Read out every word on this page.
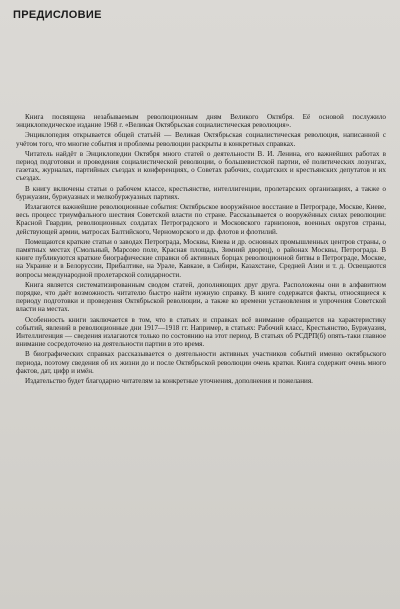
ПРЕДИСЛОВИЕ

Книга посвящена незабываемым революционным дням Великого Октября. Её основой послужило энциклопедическое издание 1968 г. «Великая Октябрьская социалистическая революция».

Энциклопедия открывается общей статьёй — Великая Октябрьская социалистическая революция, написанной с учётом того, что многие события и проблемы революции раскрыты в конкретных справках.

Читатель найдёт в Энциклопедии Октября много статей о деятельности В. И. Ленина, его важнейших работах в период подготовки и проведения социалистической революции, о большевистской партии, её политических лозунгах, газетах, журналах, партийных съездах и конференциях, о Советах рабочих, солдатских и крестьянских депутатов и их съездах.

В книгу включены статьи о рабочем классе, крестьянстве, интеллигенции, пролетарских организациях, а также о буржуазии, буржуазных и мелкобуржуазных партиях.

Излагаются важнейшие революционные события: Октябрьское вооружённое восстание в Петрограде, Москве, Киеве, весь процесс триумфального шествия Советской власти по стране. Рассказывается о вооружённых силах революции: Красной Гвардии, революционных солдатах Петроградского и Московского гарнизонов, военных округов страны, действующей армии, матросах Балтийского, Черноморского и др. флотов и флотилий.

Помещаются краткие статьи о заводах Петрограда, Москвы, Киева и др. основных промышленных центров страны, о памятных местах (Смольный, Марсово поле, Красная площадь, Зимний дворец), о районах Москвы, Петрограда. В книге публикуются краткие биографические справки об активных борцах революционной битвы в Петрограде, Москве, на Украине и в Белоруссии, Прибалтике, на Урале, Кавказе, в Сибири, Казахстане, Средней Азии и т. д. Освещаются вопросы международной пролетарской солидарности.

Книга является систематизированным сводом статей, дополняющих друг друга. Расположены они в алфавитном порядке, что даёт возможность читателю быстро найти нужную справку. В книге содержатся факты, относящиеся к периоду подготовки и проведения Октябрьской революции, а также ко времени установления и упрочения Советской власти на местах.

Особенность книги заключается в том, что в статьях и справках всё внимание обращается на характеристику событий, явлений в революционные дни 1917—1918 гг. Например, в статьях: Рабочий класс, Крестьянство, Буржуазия, Интеллигенция — сведения излагаются только по состоянию на этот период. В статьях об РСДРП(б) опять-таки главное внимание сосредоточено на деятельности партии в это время.

В биографических справках рассказывается о деятельности активных участников событий именно октябрьского периода, поэтому сведения об их жизни до и после Октябрьской революции очень кратки. Книга содержит очень много фактов, дат, цифр и имён.

Издательство будет благодарно читателям за конкретные уточнения, дополнения и пожелания.
